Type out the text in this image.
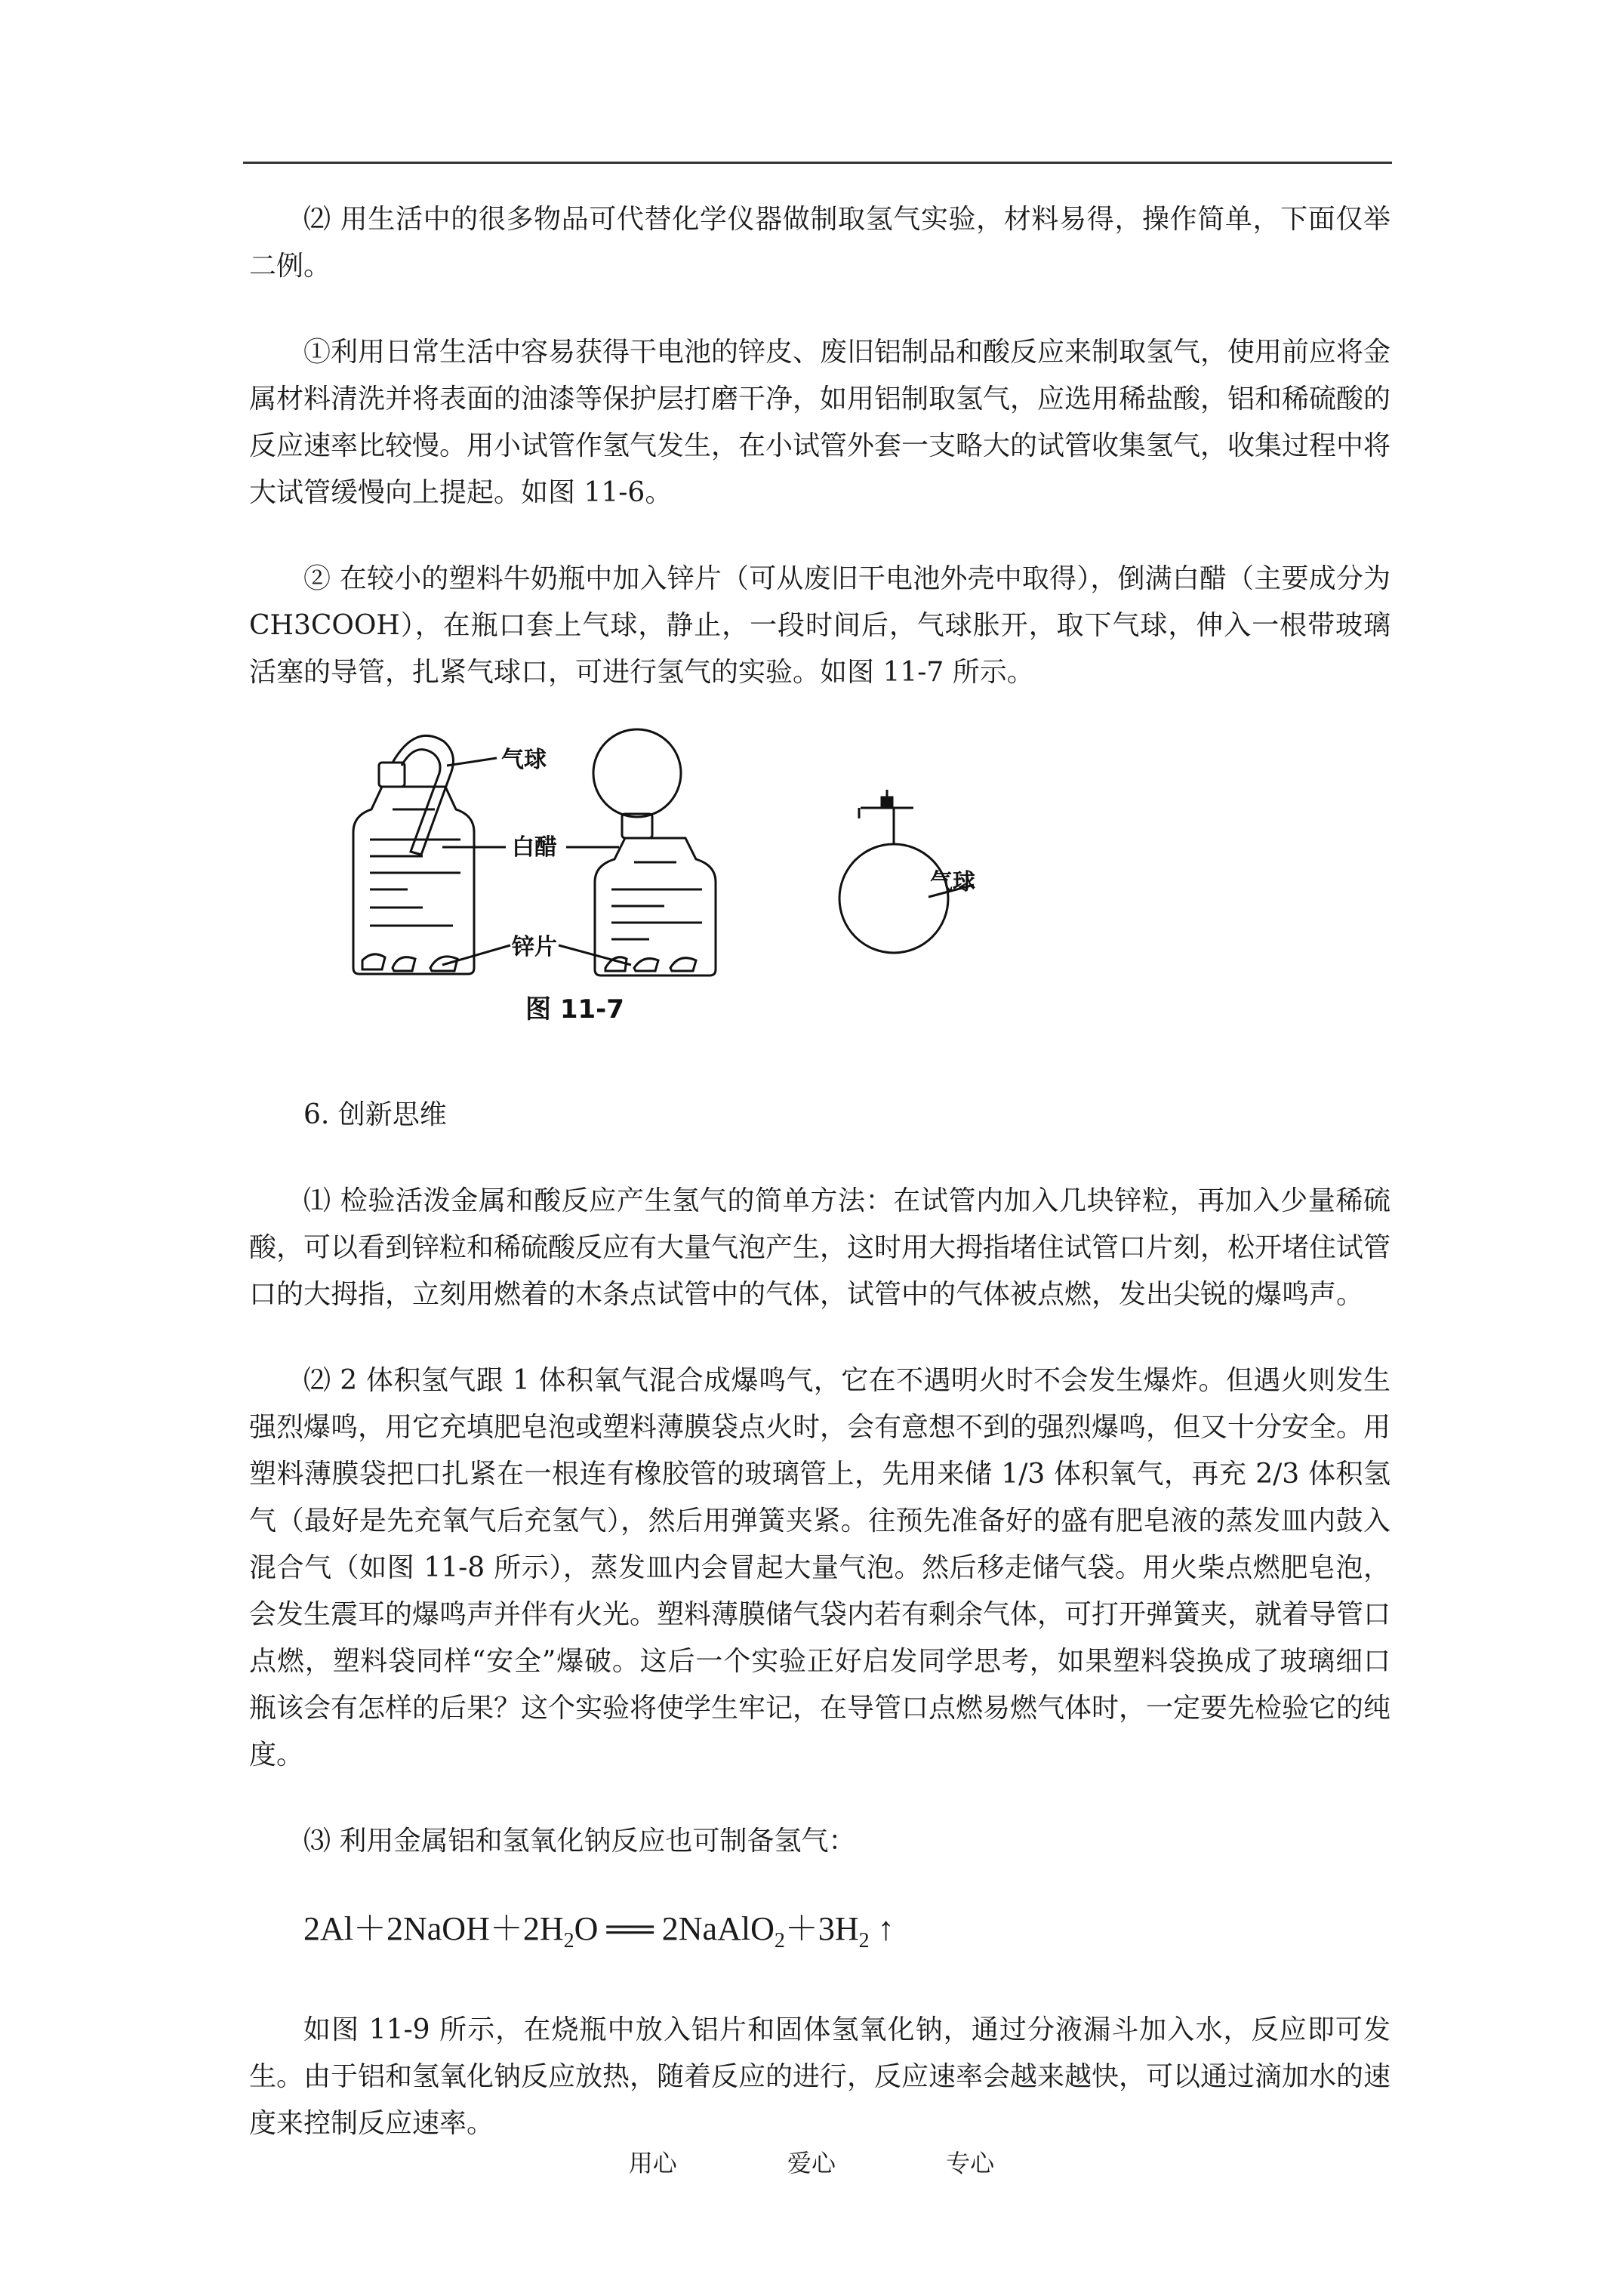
⑵ 用生活中的很多物品可代替化学仪器做制取氢气实验，材料易得，操作简单，下面仅举二例。

①利用日常生活中容易获得干电池的锌皮、废旧铝制品和酸反应来制取氢气，使用前应将金属材料清洗并将表面的油漆等保护层打磨干净，如用铝制取氢气，应选用稀盐酸，铝和稀硫酸的反应速率比较慢。用小试管作氢气发生，在小试管外套一支略大的试管收集氢气，收集过程中将大试管缓慢向上提起。如图 11-6。

② 在较小的塑料牛奶瓶中加入锌片（可从废旧干电池外壳中取得），倒满白醋（主要成分为 CH3COOH），在瓶口套上气球，静止，一段时间后，气球胀开，取下气球，伸入一根带玻璃活塞的导管，扎紧气球口，可进行氢气的实验。如图 11-7 所示。

气球
白醋
锌片
气球
图 11-7

6. 创新思维

⑴ 检验活泼金属和酸反应产生氢气的简单方法：在试管内加入几块锌粒，再加入少量稀硫酸，可以看到锌粒和稀硫酸反应有大量气泡产生，这时用大拇指堵住试管口片刻，松开堵住试管口的大拇指，立刻用燃着的木条点试管中的气体，试管中的气体被点燃，发出尖锐的爆鸣声。

⑵ 2 体积氢气跟 1 体积氧气混合成爆鸣气，它在不遇明火时不会发生爆炸。但遇火则发生强烈爆鸣，用它充填肥皂泡或塑料薄膜袋点火时，会有意想不到的强烈爆鸣，但又十分安全。用塑料薄膜袋把口扎紧在一根连有橡胶管的玻璃管上，先用来储 1/3 体积氧气，再充 2/3 体积氢气（最好是先充氧气后充氢气），然后用弹簧夹紧。往预先准备好的盛有肥皂液的蒸发皿内鼓入混合气（如图 11-8 所示），蒸发皿内会冒起大量气泡。然后移走储气袋。用火柴点燃肥皂泡，会发生震耳的爆鸣声并伴有火光。塑料薄膜储气袋内若有剩余气体，可打开弹簧夹，就着导管口点燃，塑料袋同样“安全”爆破。这后一个实验正好启发同学思考，如果塑料袋换成了玻璃细口瓶该会有怎样的后果？这个实验将使学生牢记，在导管口点燃易燃气体时，一定要先检验它的纯度。

⑶ 利用金属铝和氢氧化钠反应也可制备氢气：

$2Al+2NaOH+2H_2O$ ══ $2NaAlO_2+3H_2$ ↑

如图 11-9 所示，在烧瓶中放入铝片和固体氢氧化钠，通过分液漏斗加入水，反应即可发生。由于铝和氢氧化钠反应放热，随着反应的进行，反应速率会越来越快，可以通过滴加水的速度来控制反应速率。

用心	爱心	专心
